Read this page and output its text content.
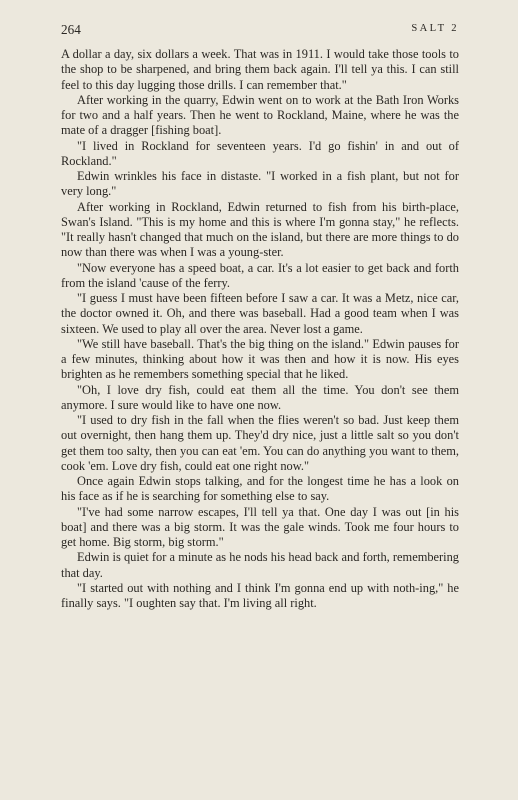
264	SALT 2

A dollar a day, six dollars a week. That was in 1911. I would take those tools to the shop to be sharpened, and bring them back again. I'll tell ya this. I can still feel to this day lugging those drills. I can remember that."

After working in the quarry, Edwin went on to work at the Bath Iron Works for two and a half years. Then he went to Rockland, Maine, where he was the mate of a dragger [fishing boat].

"I lived in Rockland for seventeen years. I'd go fishin' in and out of Rockland."

Edwin wrinkles his face in distaste. "I worked in a fish plant, but not for very long."

After working in Rockland, Edwin returned to fish from his birth-place, Swan's Island. "This is my home and this is where I'm gonna stay," he reflects. "It really hasn't changed that much on the island, but there are more things to do now than there was when I was a young-ster.

"Now everyone has a speed boat, a car. It's a lot easier to get back and forth from the island 'cause of the ferry.

"I guess I must have been fifteen before I saw a car. It was a Metz, nice car, the doctor owned it. Oh, and there was baseball. Had a good team when I was sixteen. We used to play all over the area. Never lost a game.

"We still have baseball. That's the big thing on the island." Edwin pauses for a few minutes, thinking about how it was then and how it is now. His eyes brighten as he remembers something special that he liked.

"Oh, I love dry fish, could eat them all the time. You don't see them anymore. I sure would like to have one now.

"I used to dry fish in the fall when the flies weren't so bad. Just keep them out overnight, then hang them up. They'd dry nice, just a little salt so you don't get them too salty, then you can eat 'em. You can do anything you want to them, cook 'em. Love dry fish, could eat one right now."

Once again Edwin stops talking, and for the longest time he has a look on his face as if he is searching for something else to say.

"I've had some narrow escapes, I'll tell ya that. One day I was out [in his boat] and there was a big storm. It was the gale winds. Took me four hours to get home. Big storm, big storm."

Edwin is quiet for a minute as he nods his head back and forth, remembering that day.

"I started out with nothing and I think I'm gonna end up with noth-ing," he finally says. "I oughten say that. I'm living all right.
